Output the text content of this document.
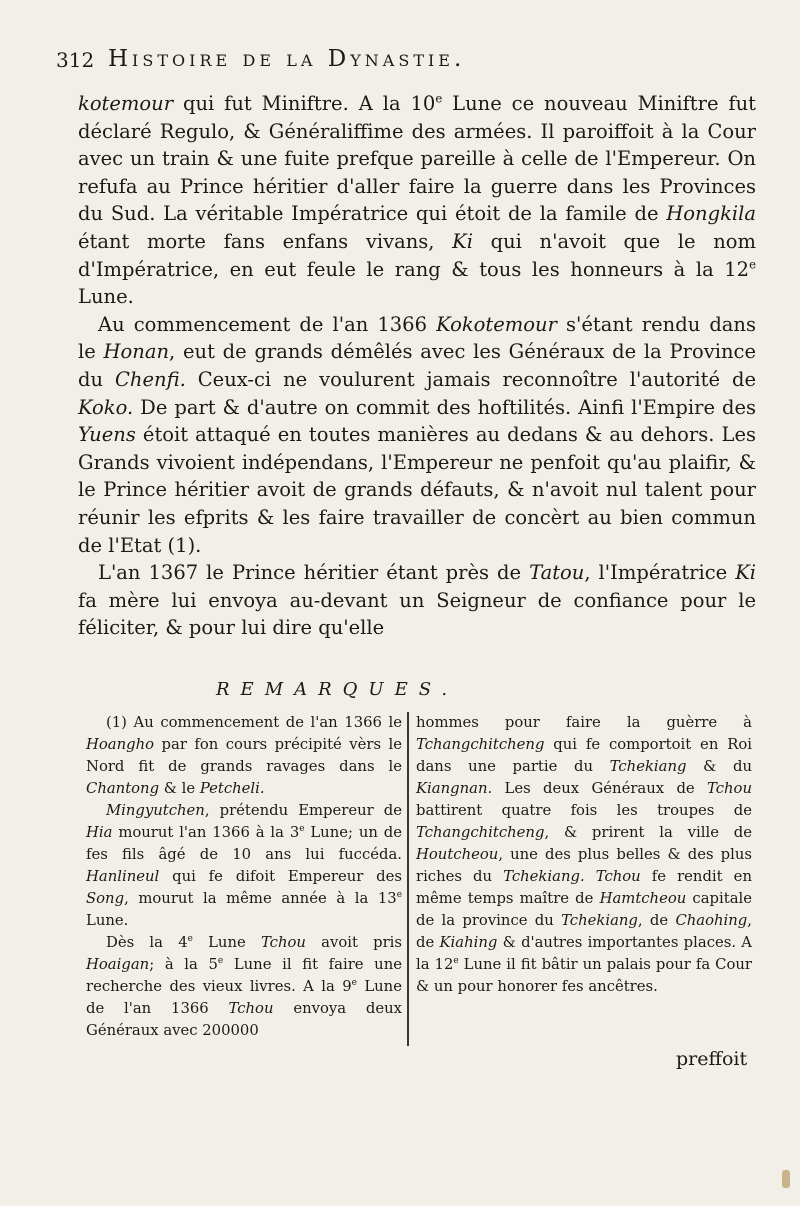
312 Histoire de la Dynastie.

kotemour qui fut Miniftre. A la 10e Lune ce nouveau Miniftre fut déclaré Regulo, & Généraliffime des armées. Il paroiffoit à la Cour avec un train & une fuite prefque pareille à celle de l'Empereur. On refufa au Prince héritier d'aller faire la guerre dans les Provinces du Sud. La véritable Impératrice qui étoit de la famile de Hongkila étant morte fans enfans vivans, Ki qui n'avoit que le nom d'Impératrice, en eut feule le rang & tous les honneurs à la 12e Lune.

Au commencement de l'an 1366 Kokotemour s'étant rendu dans le Honan, eut de grands démêlés avec les Généraux de la Province du Chenfi. Ceux-ci ne voulurent jamais reconnoître l'autorité de Koko. De part & d'autre on commit des hoftilités. Ainfi l'Empire des Yuens étoit attaqué en toutes manières au dedans & au dehors. Les Grands vivoient indépendans, l'Empereur ne penfoit qu'au plaifir, & le Prince héritier avoit de grands défauts, & n'avoit nul talent pour réunir les efprits & les faire travailler de concèrt au bien commun de l'Etat (1).

L'an 1367 le Prince héritier étant près de Tatou, l'Impératrice Ki fa mère lui envoya au-devant un Seigneur de confiance pour le féliciter, & pour lui dire qu'elle

REMARQUES.

(1) Au commencement de l'an 1366 le Hoangho par fon cours précipité vèrs le Nord fit de grands ravages dans le Chantong & le Petcheli.

Mingyutchen, prétendu Empereur de Hia mourut l'an 1366 à la 3e Lune; un de fes fils âgé de 10 ans lui fuccéda. Hanlineul qui fe difoit Empereur des Song, mourut la même année à la 13e Lune.

Dès la 4e Lune Tchou avoit pris Hoaigan; à la 5e Lune il fit faire une recherche des vieux livres. A la 9e Lune de l'an 1366 Tchou envoya deux Généraux avec 200000

hommes pour faire la guèrre à Tchangchitcheng qui fe comportoit en Roi dans une partie du Tchekiang & du Kiangnan. Les deux Généraux de Tchou battirent quatre fois les troupes de Tchangchitcheng, & prirent la ville de Houtcheou, une des plus belles & des plus riches du Tchekiang. Tchou fe rendit en même temps maître de Hamtcheou capitale de la province du Tchekiang, de Chaohing, de Kiahing & d'autres importantes places. A la 12e Lune il fit bâtir un palais pour fa Cour & un pour honorer fes ancêtres.

preffoit
